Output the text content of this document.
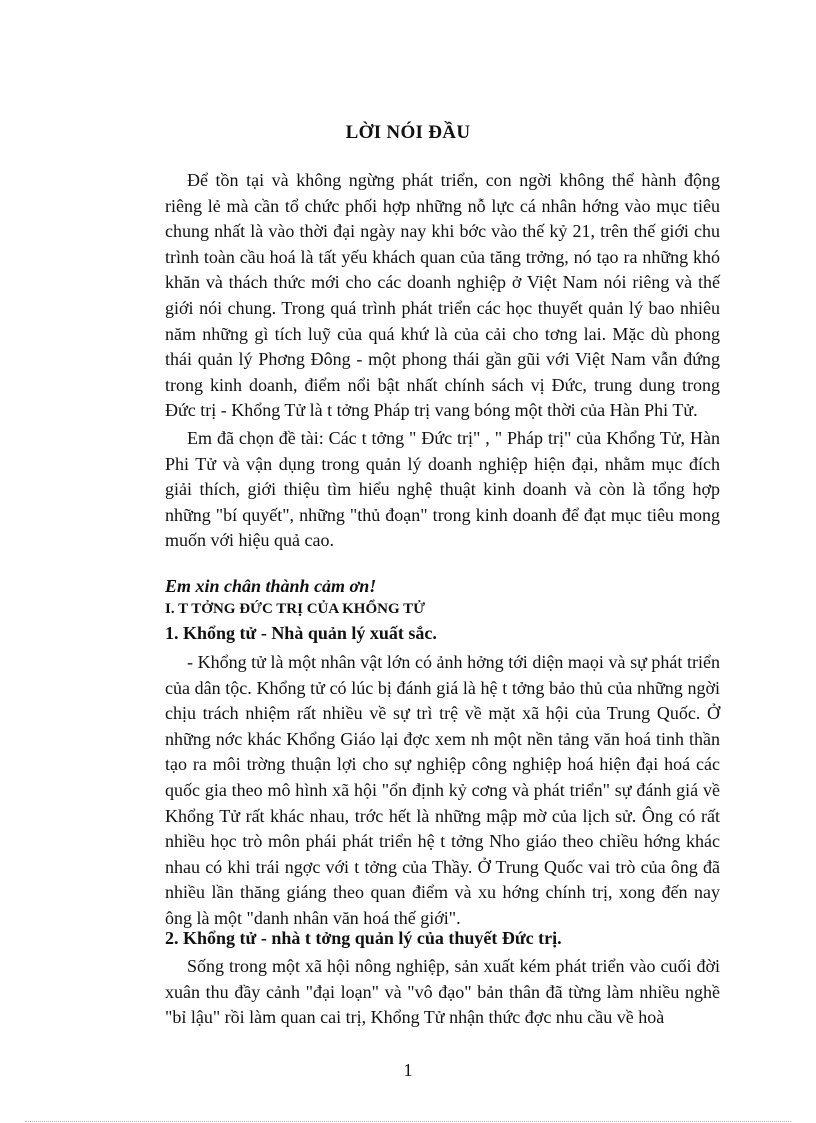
LỜI NÓI ĐẦU

Để tồn tại và không ngừng phát triển, con ngời không thể hành động riêng lẻ mà cần tổ chức phối hợp những nỗ lực cá nhân hớng vào mục tiêu chung nhất là vào thời đại ngày nay khi bớc vào thế kỷ 21, trên thế giới chu trình toàn cầu hoá là tất yếu khách quan của tăng trởng, nó tạo ra những khó khăn và thách thức mới cho các doanh nghiệp ở Việt Nam nói riêng và thế giới nói chung. Trong quá trình phát triển các học thuyết quản lý bao nhiêu năm những gì tích luỹ của quá khứ là của cải cho tơng lai. Mặc dù phong thái quản lý Phơng Đông - một phong thái gần gũi với Việt Nam vẫn đứng trong kinh doanh, điểm nổi bật nhất chính sách vị Đức, trung dung trong Đức trị - Khổng Tử là t tởng Pháp trị vang bóng một thời của Hàn Phi Tử.

Em đã chọn đề tài: Các t tởng " Đức trị" , " Pháp trị" của Khổng Tử, Hàn Phi Tử và vận dụng trong quản lý doanh nghiệp hiện đại, nhằm mục đích giải thích, giới thiệu tìm hiểu nghệ thuật kinh doanh và còn là tổng hợp những "bí quyết", những "thủ đoạn" trong kinh doanh để đạt mục tiêu mong muốn với hiệu quả cao.

Em xin chân thành cảm ơn!
I. T TỞNG ĐỨC TRỊ CỦA KHỔNG TỬ
1. Khổng tử - Nhà quản lý xuất sắc.

- Khổng tử là một nhân vật lớn có ảnh hởng tới diện maọi và sự phát triển của dân tộc. Khổng tử có lúc bị đánh giá là hệ t tởng bảo thủ của những ngời chịu trách nhiệm rất nhiều về sự trì trệ về mặt xã hội của Trung Quốc. Ở những nớc khác Khổng Giáo lại đợc xem nh một nền tảng văn hoá tinh thần tạo ra môi trờng thuận lợi cho sự nghiệp công nghiệp hoá hiện đại hoá các quốc gia theo mô hình xã hội "ổn định kỷ cơng và phát triển" sự đánh giá về Khổng Tử rất khác nhau, trớc hết là những mập mờ của lịch sử. Ông có rất nhiều học trò môn phái phát triển hệ t tởng Nho giáo theo chiều hớng khác nhau có khi trái ngợc với t tởng của Thầy. Ở Trung Quốc vai trò của ông đã nhiều lần thăng giáng theo quan điểm và xu hớng chính trị, xong đến nay ông là một "danh nhân văn hoá thế giới".

2. Khổng tử - nhà t tởng quản lý của thuyết Đức trị.

Sống trong một xã hội nông nghiệp, sản xuất kém phát triển vào cuối đời xuân thu đầy cảnh "đại loạn" và "vô đạo" bản thân đã từng làm nhiều nghề "bỉ lậu" rồi làm quan cai trị, Khổng Tử nhận thức đợc nhu cầu về hoà

1
